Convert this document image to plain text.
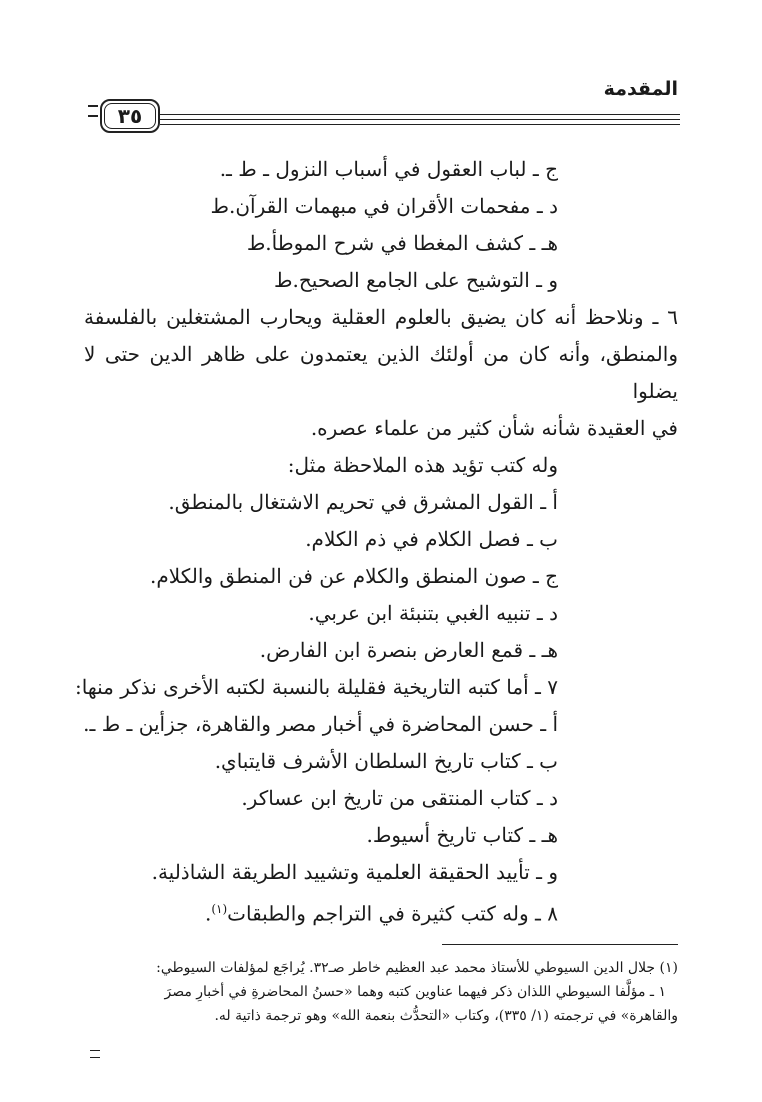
المقدمة
٣٥
ج ـ لباب العقول في أسباب النزول ـ ط ـ.
د ـ مفحمات الأقران في مبهمات القرآن.ط
هـ ـ كشف المغطا في شرح الموطأ.ط
و ـ التوشيح على الجامع الصحيح.ط
٦ ـ ونلاحظ أنه كان يضيق بالعلوم العقلية ويحارب المشتغلين بالفلسفة
والمنطق، وأنه كان من أولئك الذين يعتمدون على ظاهر الدين حتى لا يضلوا
في العقيدة شأنه شأن كثير من علماء عصره.
وله كتب تؤيد هذه الملاحظة مثل:
أ ـ القول المشرق في تحريم الاشتغال بالمنطق.
ب ـ فصل الكلام في ذم الكلام.
ج ـ صون المنطق والكلام عن فن المنطق والكلام.
د ـ تنبيه الغبي بتنبئة ابن عربي.
هـ ـ قمع العارض بنصرة ابن الفارض.
٧ ـ أما كتبه التاريخية فقليلة بالنسبة لكتبه الأخرى نذكر منها:
أ ـ حسن المحاضرة في أخبار مصر والقاهرة، جزأين ـ ط ـ.
ب ـ كتاب تاريخ السلطان الأشرف قايتباي.
د ـ كتاب المنتقى من تاريخ ابن عساكر.
هـ ـ كتاب تاريخ أسيوط.
و ـ تأييد الحقيقة العلمية وتشييد الطريقة الشاذلية.
٨ ـ وله كتب كثيرة في التراجم والطبقات$^{(١)}$.
(١) جلال الدين السيوطي للأستاذ محمد عبد العظيم خاطر صـ٣٢. يُراجَع لمؤلفات السيوطي:
١ ـ مؤلَّفا السيوطي اللذان ذكر فيهما عناوين كتبه وهما «حسنُ المحاضرةِ في أخبارِ مصرَ
والقاهرة» في ترجمته (١/ ٣٣٥)، وكتاب «التحدُّث بنعمة الله» وهو ترجمة ذاتية له.
